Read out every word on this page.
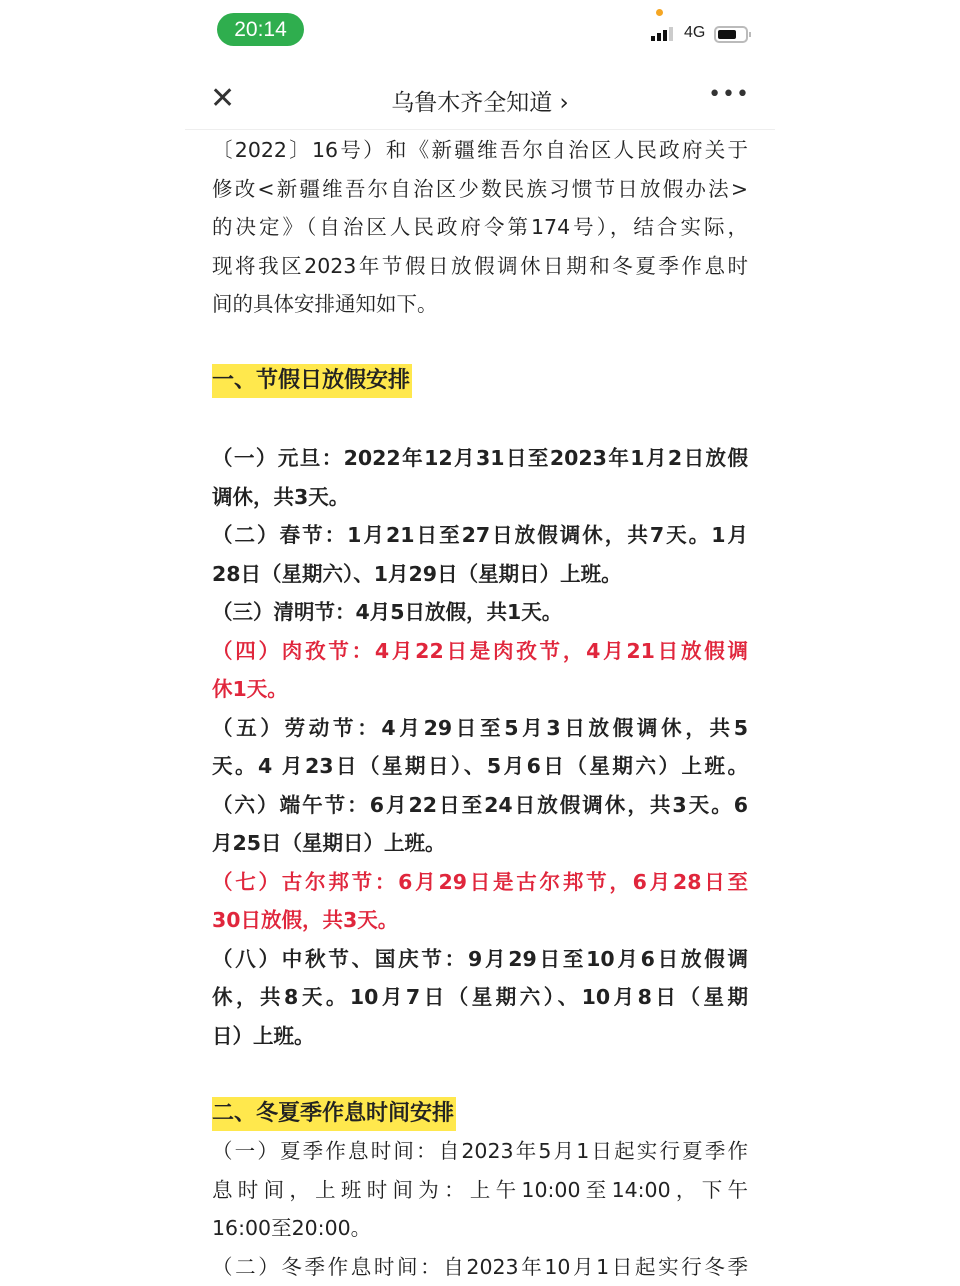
20:14	4G
✕	乌鲁木齐全知道 ›	•••
〔2022〕16号）和《新疆维吾尔自治区人民政府关于
修改<新疆维吾尔自治区少数民族习惯节日放假办法>
的决定》（自治区人民政府令第174号），结合实际，
现将我区2023年节假日放假调休日期和冬夏季作息时
间的具体安排通知如下。
一、节假日放假安排
（一）元旦：2022年12月31日至2023年1月2日放假
调休，共3天。
（二）春节：1月21日至27日放假调休，共7天。1月
28日（星期六）、1月29日（星期日）上班。
（三）清明节：4月5日放假，共1天。
（四）肉孜节：4月22日是肉孜节，4月21日放假调
休1天。
（五）劳动节：4月29日至5月3日放假调休，共5
天。4 月23日（星期日）、5月6日（星期六）上班。
（六）端午节：6月22日至24日放假调休，共3天。6
月25日（星期日）上班。
（七）古尔邦节：6月29日是古尔邦节，6月28日至
30日放假，共3天。
（八）中秋节、国庆节：9月29日至10月6日放假调
休，共8天。10月7日（星期六）、10月8日（星期
日）上班。
二、冬夏季作息时间安排
（一）夏季作息时间：自2023年5月1日起实行夏季作
息时间，上班时间为：上午10:00至14:00，下午
16:00至20:00。
（二）冬季作息时间：自2023年10月1日起实行冬季
